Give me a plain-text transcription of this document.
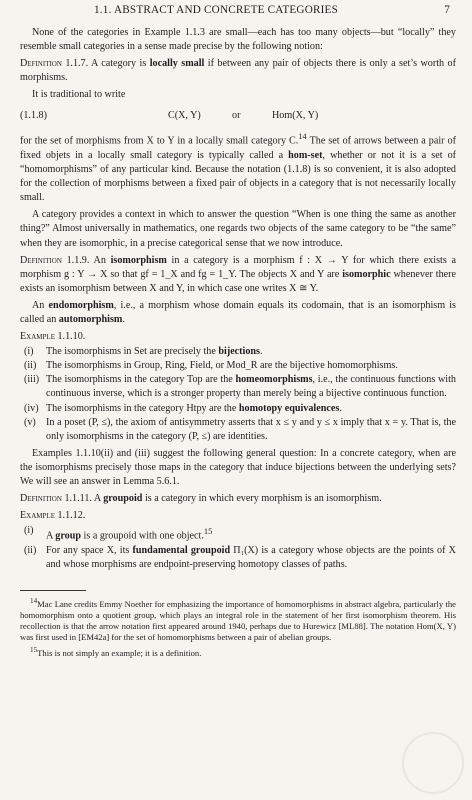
1.1. ABSTRACT AND CONCRETE CATEGORIES	7

None of the categories in Example 1.1.3 are small—each has too many objects—but “locally” they resemble small categories in a sense made precise by the following notion:

Definition 1.1.7. A category is locally small if between any pair of objects there is only a set’s worth of morphisms.

It is traditional to write

(1.1.8)	C(X, Y)	or	Hom(X, Y)

for the set of morphisms from X to Y in a locally small category C.$^{14}$ The set of arrows between a pair of fixed objets in a locally small category is typically called a hom-set, whether or not it is a set of “homomorphisms” of any particular kind. Because the notation (1.1.8) is so convenient, it is also adopted for the collection of morphisms between a fixed pair of objects in a category that is not necessarily locally small.

A category provides a context in which to answer the question “When is one thing the same as another thing?” Almost universally in mathematics, one regards two objects of the same category to be “the same” when they are isomorphic, in a precise categorical sense that we now introduce.

Definition 1.1.9. An isomorphism in a category is a morphism f : X → Y for which there exists a morphism g : Y → X so that gf = 1_X and fg = 1_Y. The objects X and Y are isomorphic whenever there exists an isomorphism between X and Y, in which case one writes X ≅ Y.

An endomorphism, i.e., a morphism whose domain equals its codomain, that is an isomorphism is called an automorphism.

Example 1.1.10.

(i)	The isomorphisms in Set are precisely the bijections.
(ii) The isomorphisms in Group, Ring, Field, or Mod_R are the bijective homomorphisms.
(iii) The isomorphisms in the category Top are the homeomorphisms, i.e., the continuous functions with continuous inverse, which is a stronger property than merely being a bijective continuous function.
(iv) The isomorphisms in the category Htpy are the homotopy equivalences.
(v)	In a poset (P, ≤), the axiom of antisymmetry asserts that x ≤ y and y ≤ x imply that x = y. That is, the only isomorphisms in the category (P, ≤) are identities.

Examples 1.1.10(ii) and (iii) suggest the following general question: In a concrete category, when are the isomorphisms precisely those maps in the category that induce bijections between the underlying sets? We will see an answer in Lemma 5.6.1.

Definition 1.1.11. A groupoid is a category in which every morphism is an isomorphism.

Example 1.1.12.

(i)	A group is a groupoid with one object.$^{15}$
(ii) For any space X, its fundamental groupoid Π₁(X) is a category whose objects are the points of X and whose morphisms are endpoint-preserving homotopy classes of paths.

$^{14}$Mac Lane credits Emmy Noether for emphasizing the importance of homomorphisms in abstract algebra, particularly the homomorphism onto a quotient group, which plays an integral role in the statement of her first isomorphism theorem. His recollection is that the arrow notation first appeared around 1940, perhaps due to Hurewicz [ML88]. The notation Hom(X, Y) was first used in [EM42a] for the set of homomorphisms between a pair of abelian groups.

$^{15}$This is not simply an example; it is a definition.
